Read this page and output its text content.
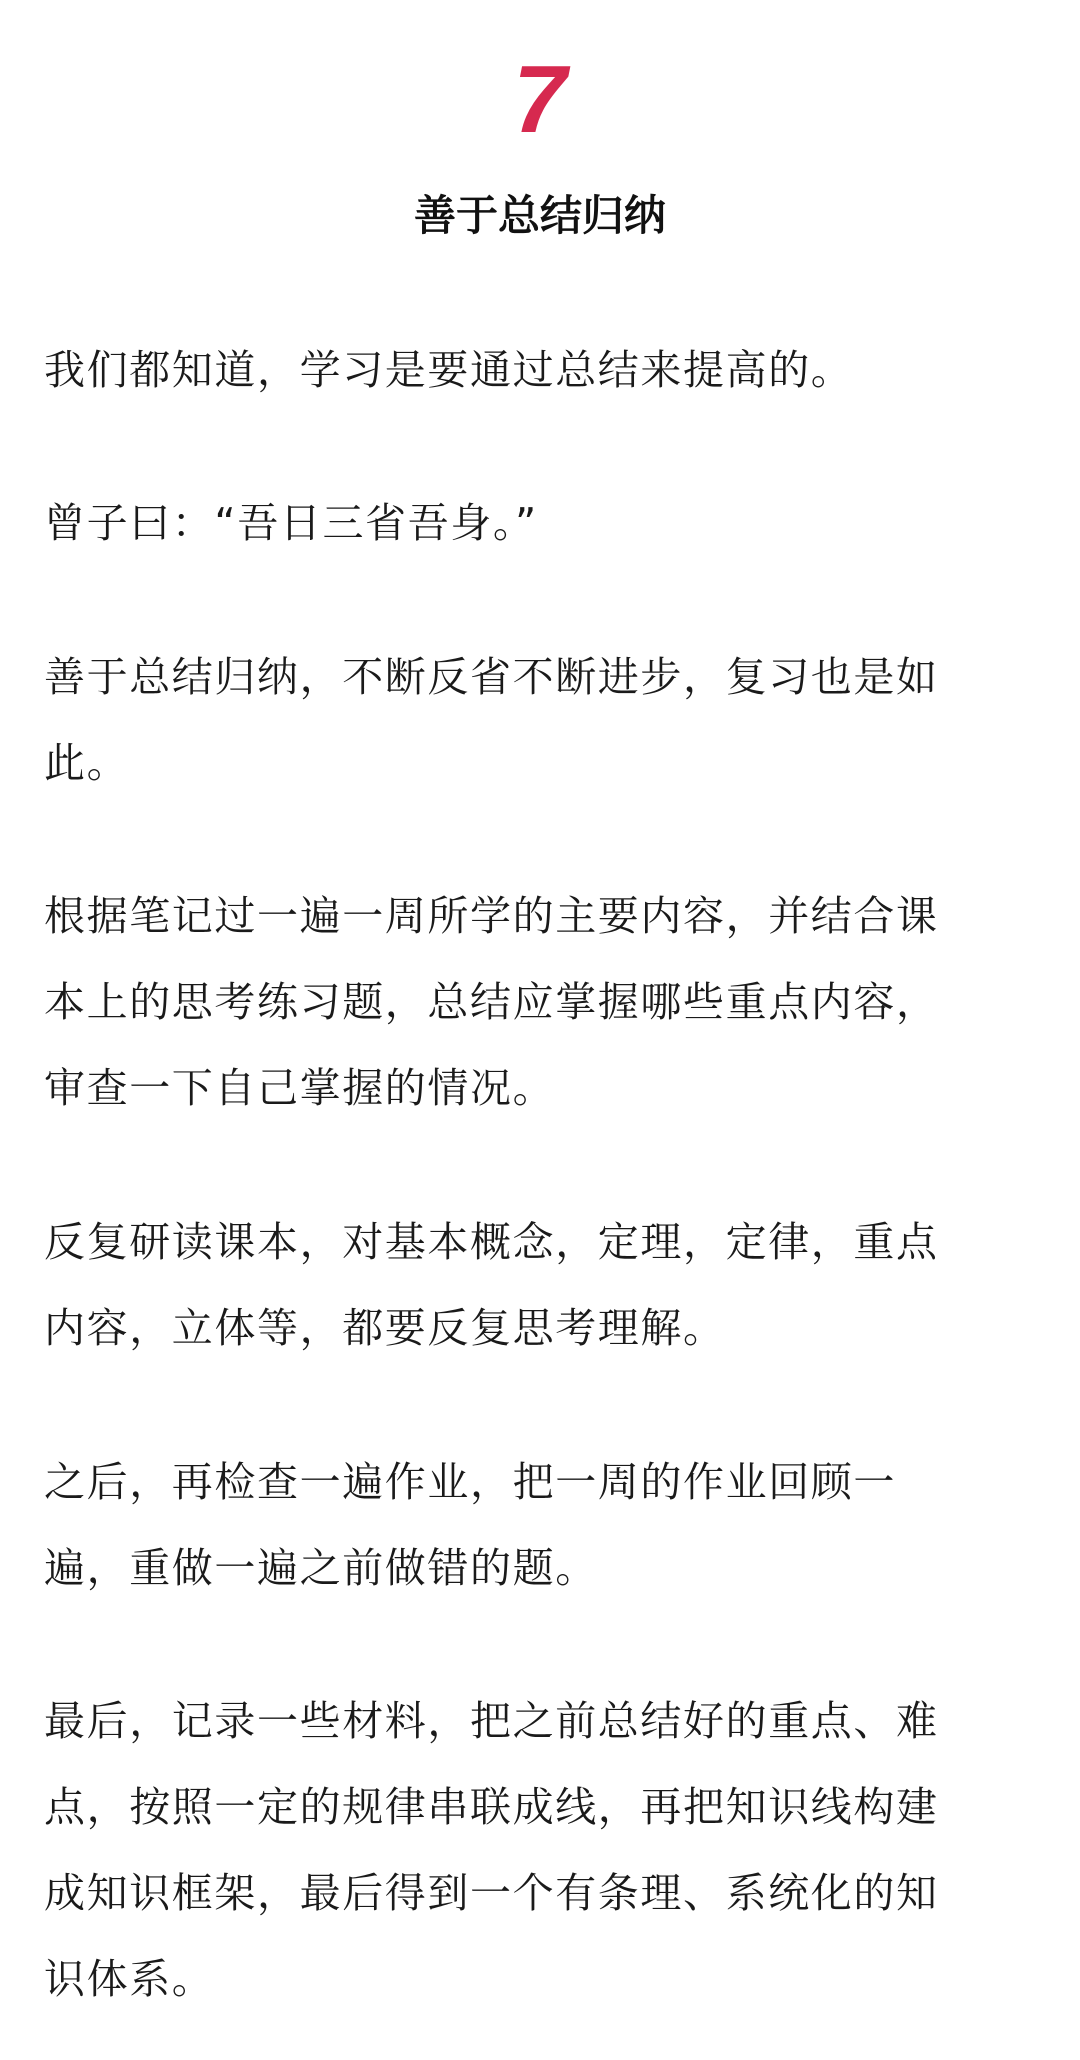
7
善于总结归纳

我们都知道，学习是要通过总结来提高的。

曾子曰：“吾日三省吾身。”

善于总结归纳，不断反省不断进步，复习也是如
此。

根据笔记过一遍一周所学的主要内容，并结合课
本上的思考练习题，总结应掌握哪些重点内容，
审查一下自己掌握的情况。

反复研读课本，对基本概念，定理，定律，重点
内容，立体等，都要反复思考理解。

之后，再检查一遍作业，把一周的作业回顾一
遍，重做一遍之前做错的题。

最后，记录一些材料，把之前总结好的重点、难
点，按照一定的规律串联成线，再把知识线构建
成知识框架，最后得到一个有条理、系统化的知
识体系。
